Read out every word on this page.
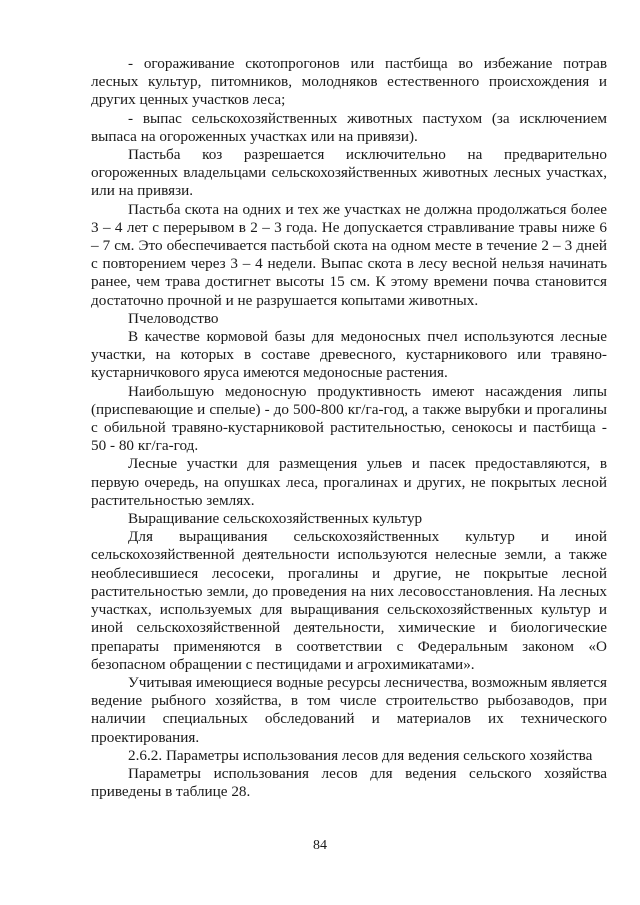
- огораживание скотопрогонов или пастбища во избежание потрав лесных культур, питомников, молодняков естественного происхождения и других ценных участков леса;

- выпас сельскохозяйственных животных пастухом (за исключением выпаса на огороженных участках или на привязи).

Пастьба коз разрешается исключительно на предварительно огороженных владельцами сельскохозяйственных животных лесных участках, или на привязи.

Пастьба скота на одних и тех же участках не должна продолжаться более 3 – 4 лет с перерывом в 2 – 3 года. Не допускается стравливание травы ниже 6 – 7 см. Это обеспечивается пастьбой скота на одном месте в течение 2 – 3 дней с повторением через 3 – 4 недели. Выпас скота в лесу весной нельзя начинать ранее, чем трава достигнет высоты 15 см. К этому времени почва становится достаточно прочной и не разрушается копытами животных.

Пчеловодство

В качестве кормовой базы для медоносных пчел используются лесные участки, на которых в составе древесного, кустарникового или травяно-кустарничкового яруса имеются медоносные растения.

Наибольшую медоносную продуктивность имеют насаждения липы (приспевающие и спелые) - до 500-800 кг/га-год, а также вырубки и прогалины с обильной травяно-кустарниковой растительностью, сенокосы и пастбища - 50 - 80 кг/га-год.

Лесные участки для размещения ульев и пасек предоставляются, в первую очередь, на опушках леса, прогалинах и других, не покрытых лесной растительностью землях.

Выращивание сельскохозяйственных культур

Для выращивания сельскохозяйственных культур и иной сельскохозяйственной деятельности используются нелесные земли, а также необлесившиеся лесосеки, прогалины и другие, не покрытые лесной растительностью земли, до проведения на них лесовосстановления. На лесных участках, используемых для выращивания сельскохозяйственных культур и иной сельскохозяйственной деятельности, химические и биологические препараты применяются в соответствии с Федеральным законом «О безопасном обращении с пестицидами и агрохимикатами».

Учитывая имеющиеся водные ресурсы лесничества, возможным является ведение рыбного хозяйства, в том числе строительство рыбозаводов, при наличии специальных обследований и материалов их технического проектирования.

2.6.2. Параметры использования лесов для ведения сельского хозяйства

Параметры использования лесов для ведения сельского хозяйства приведены в таблице 28.

84
